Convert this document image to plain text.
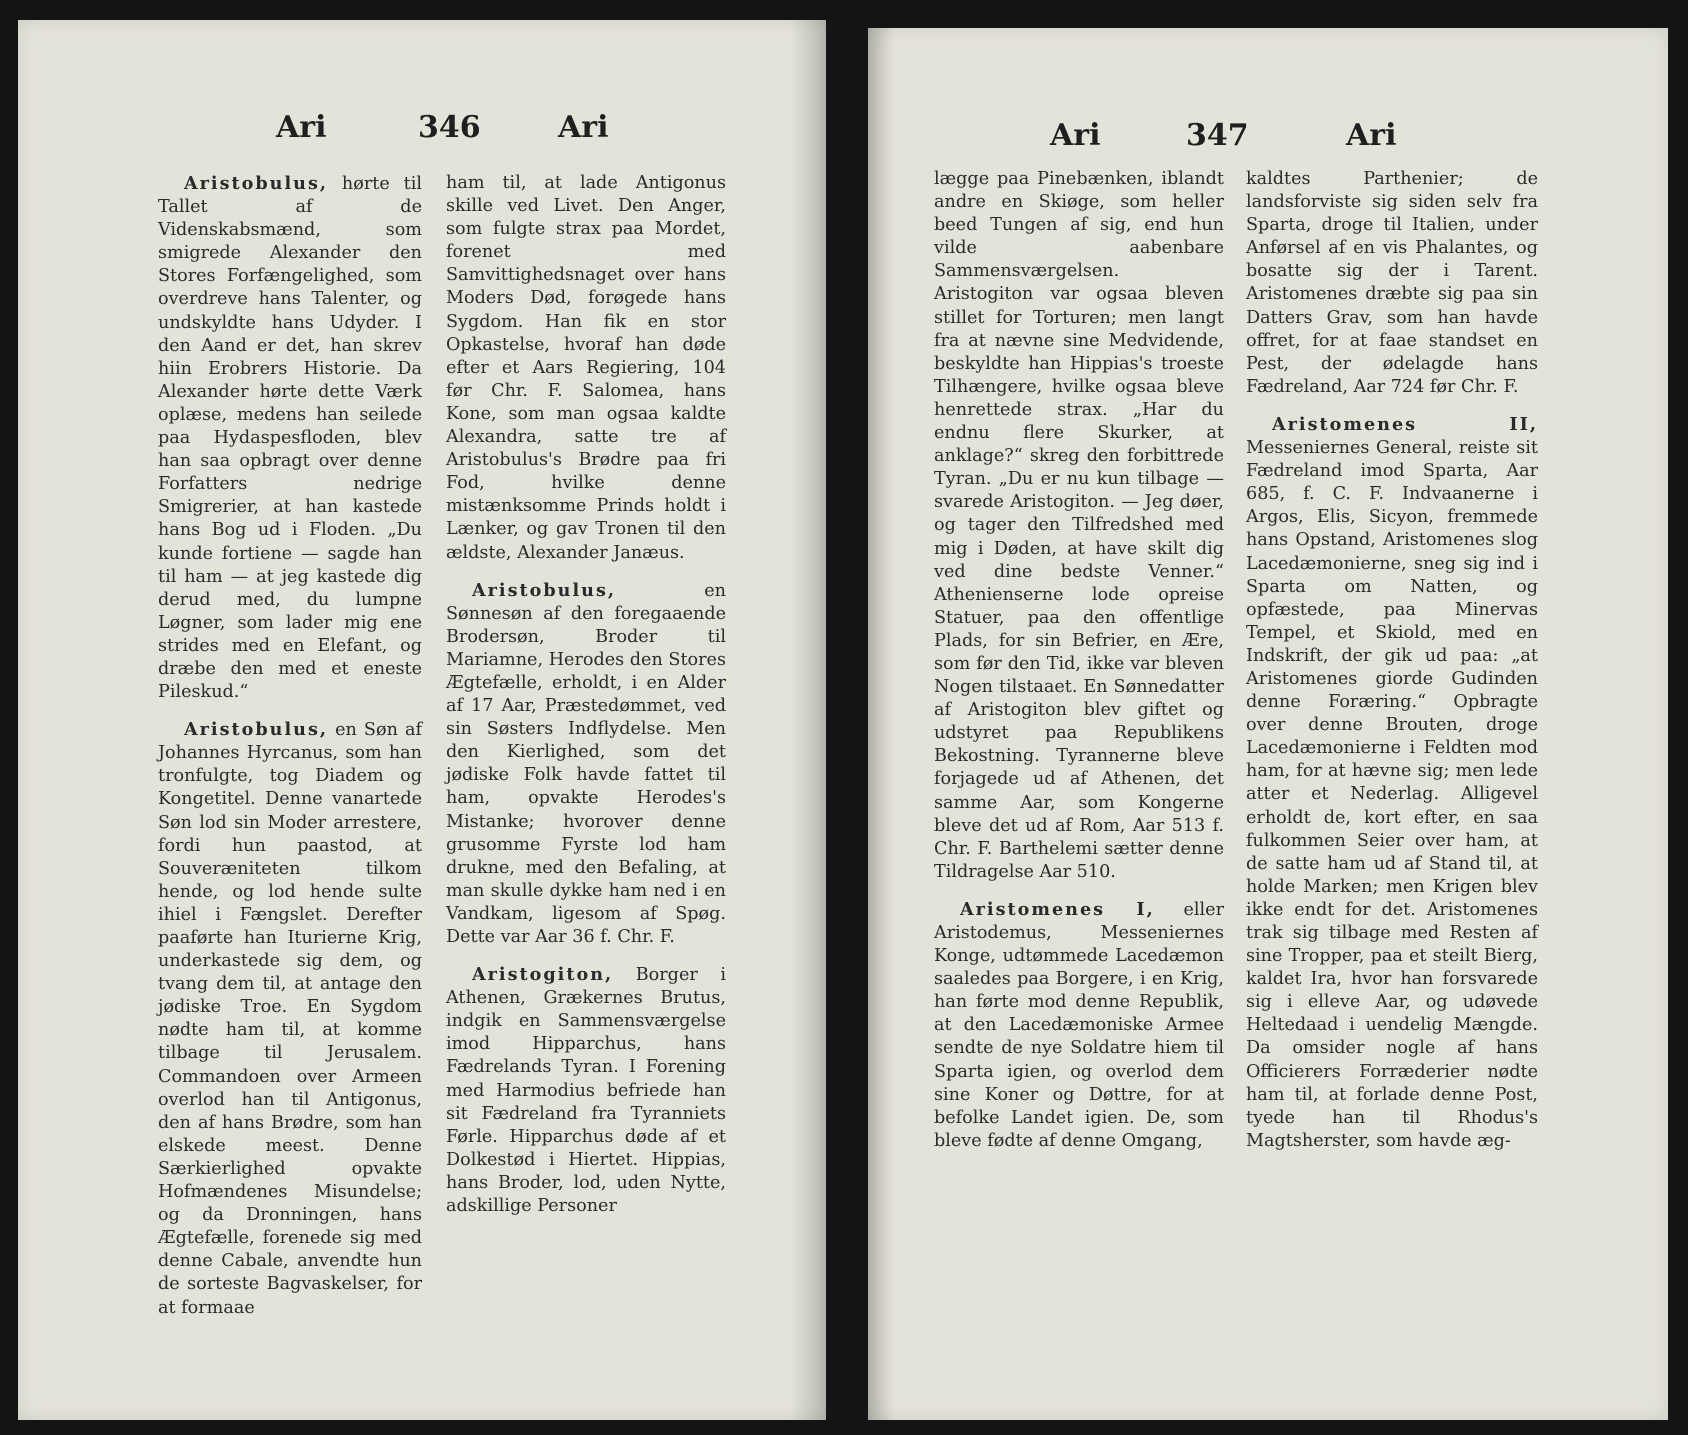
Ari	346	Ari

Aristobulus, hørte til Tallet af de Videnskabsmænd, som smigrede Alexander den Stores Forfængelighed, som overdreve hans Talenter, og undskyldte hans Udyder. I den Aand er det, han skrev hiin Erobrers Historie. Da Alexander hørte dette Værk oplæse, medens han seilede paa Hydaspesfloden, blev han saa opbragt over denne Forfatters nedrige Smigrerier, at han kastede hans Bog ud i Floden. „Du kunde fortiene — sagde han til ham — at jeg kastede dig derud med, du lumpne Løgner, som lader mig ene strides med en Elefant, og dræbe den med et eneste Pileskud.“

Aristobulus, en Søn af Johannes Hyrcanus, som han tronfulgte, tog Diadem og Kongetitel. Denne vanartede Søn lod sin Moder arrestere, fordi hun paastod, at Souveræniteten tilkom hende, og lod hende sulte ihiel i Fængslet. Derefter paaførte han Iturierne Krig, underkastede sig dem, og tvang dem til, at antage den jødiske Troe. En Sygdom nødte ham til, at komme tilbage til Jerusalem. Commandoen over Armeen overlod han til Antigonus, den af hans Brødre, som han elskede meest. Denne Særkierlighed opvakte Hofmændenes Misundelse; og da Dronningen, hans Ægtefælle, forenede sig med denne Cabale, anvendte hun de sorteste Bagvaskelser, for at formaae

ham til, at lade Antigonus skille ved Livet. Den Anger, som fulgte strax paa Mordet, forenet med Samvittighedsnaget over hans Moders Død, forøgede hans Sygdom. Han fik en stor Opkastelse, hvoraf han døde efter et Aars Regiering, 104 før Chr. F. Salomea, hans Kone, som man ogsaa kaldte Alexandra, satte tre af Aristobulus's Brødre paa fri Fod, hvilke denne mistænksomme Prinds holdt i Lænker, og gav Tronen til den ældste, Alexander Janæus.

Aristobulus,	en Sønnesøn af den foregaaende Brodersøn, Broder til Mariamne, Herodes den Stores Ægtefælle, erholdt, i en Alder af 17 Aar, Præstedømmet, ved sin Søsters Indflydelse. Men den Kierlighed, som det jødiske Folk havde fattet til ham, opvakte Herodes's Mistanke; hvorover denne grusomme Fyrste lod ham drukne, med den Befaling, at man skulle dykke ham ned i en Vandkam, ligesom af Spøg. Dette var Aar 36 f. Chr. F.

Aristogiton, Borger i Athenen, Grækernes Brutus, indgik en Sammensværgelse imod Hipparchus, hans Fædrelands Tyran. I Forening med Harmodius befriede han sit Fædreland fra Tyranniets Førle. Hipparchus døde af et Dolkestød i Hiertet. Hippias, hans Broder, lod, uden Nytte, adskillige Personer

Ari	347	Ari

lægge paa Pinebænken, iblandt andre en Skiøge, som heller beed Tungen af sig, end hun vilde aabenbare Sammensværgelsen. Aristogiton var ogsaa bleven stillet for Torturen; men langt fra at nævne sine Medvidende, beskyldte han Hippias's troeste Tilhængere, hvilke ogsaa bleve henrettede strax. „Har du endnu flere Skurker, at anklage?“ skreg den forbittrede Tyran. „Du er nu kun tilbage — svarede Aristogiton. — Jeg døer, og tager den Tilfredshed med mig i Døden, at have skilt dig ved dine bedste Venner.“ Athenienserne lode opreise Statuer, paa den offentlige Plads, for sin Befrier, en Ære, som før den Tid, ikke var bleven Nogen tilstaaet. En Sønnedatter af Aristogiton blev giftet og udstyret paa Republikens Bekostning. Tyrannerne bleve forjagede ud af Athenen, det samme Aar, som Kongerne bleve det ud af Rom, Aar 513 f. Chr. F. Barthelemi sætter denne Tildragelse Aar 510.

Aristomenes I, eller Aristodemus, Messeniernes Konge, udtømmede Lacedæmon saaledes paa Borgere, i en Krig, han førte mod denne Republik, at den Lacedæmoniske Armee sendte de nye Soldatre hiem til Sparta igien, og overlod dem sine Koner og Døttre, for at befolke Landet igien. De, som bleve fødte af denne Omgang,

kaldtes Parthenier; de landsforviste sig siden selv fra Sparta, droge til Italien, under Anførsel af en vis Phalantes, og bosatte sig der i Tarent. Aristomenes dræbte sig paa sin Datters Grav, som han havde offret, for at faae standset en Pest, der ødelagde hans Fædreland, Aar 724 før Chr. F.

Aristomenes II, Messeniernes General, reiste sit Fædreland imod Sparta, Aar 685, f. C. F. Indvaanerne i Argos, Elis, Sicyon, fremmede hans Opstand, Aristomenes slog Lacedæmonierne, sneg sig ind i Sparta om Natten, og opfæstede, paa Minervas Tempel, et Skiold, med en Indskrift, der gik ud paa: „at Aristomenes giorde Gudinden denne Foræring.“ Opbragte over denne Brouten, droge Lacedæmonierne i Feldten mod ham, for at hævne sig; men lede atter et Nederlag. Alligevel erholdt de, kort efter, en saa fulkommen Seier over ham, at de satte ham ud af Stand til, at holde Marken; men Krigen blev ikke endt for det. Aristomenes trak sig tilbage med Resten af sine Tropper, paa et steilt Bierg, kaldet Ira, hvor han forsvarede sig i elleve Aar, og udøvede Heltedaad i uendelig Mængde. Da omsider nogle af hans Officierers Forræderier nødte ham til, at forlade denne Post, tyede han til Rhodus's Magtsherster, som havde æg-
